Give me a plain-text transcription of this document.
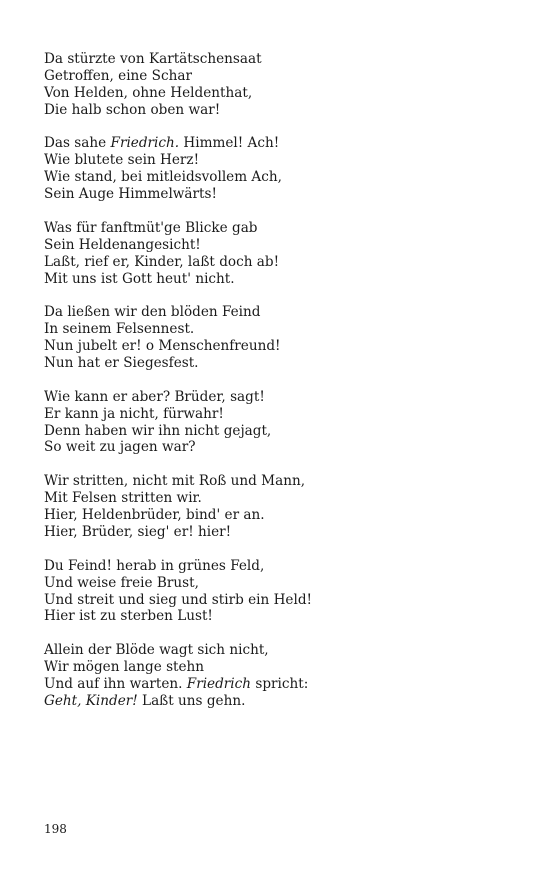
Da stürzte von Kartätschensaat
Getroffen, eine Schar
Von Helden, ohne Heldenthat,
Die halb schon oben war!
Das sahe Friedrich. Himmel! Ach!
Wie blutete sein Herz!
Wie stand, bei mitleidsvollem Ach,
Sein Auge Himmelwärts!
Was für fanftmüt'ge Blicke gab
Sein Heldenangesicht!
Laßt, rief er, Kinder, laßt doch ab!
Mit uns ist Gott heut' nicht.
Da ließen wir den blöden Feind
In seinem Felsennest.
Nun jubelt er! o Menschenfreund!
Nun hat er Siegesfest.
Wie kann er aber? Brüder, sagt!
Er kann ja nicht, fürwahr!
Denn haben wir ihn nicht gejagt,
So weit zu jagen war?
Wir stritten, nicht mit Roß und Mann,
Mit Felsen stritten wir.
Hier, Heldenbrüder, bind' er an.
Hier, Brüder, sieg' er! hier!
Du Feind! herab in grünes Feld,
Und weise freie Brust,
Und streit und sieg und stirb ein Held!
Hier ist zu sterben Lust!
Allein der Blöde wagt sich nicht,
Wir mögen lange stehn
Und auf ihn warten. Friedrich spricht:
Geht, Kinder! Laßt uns gehn.
198
